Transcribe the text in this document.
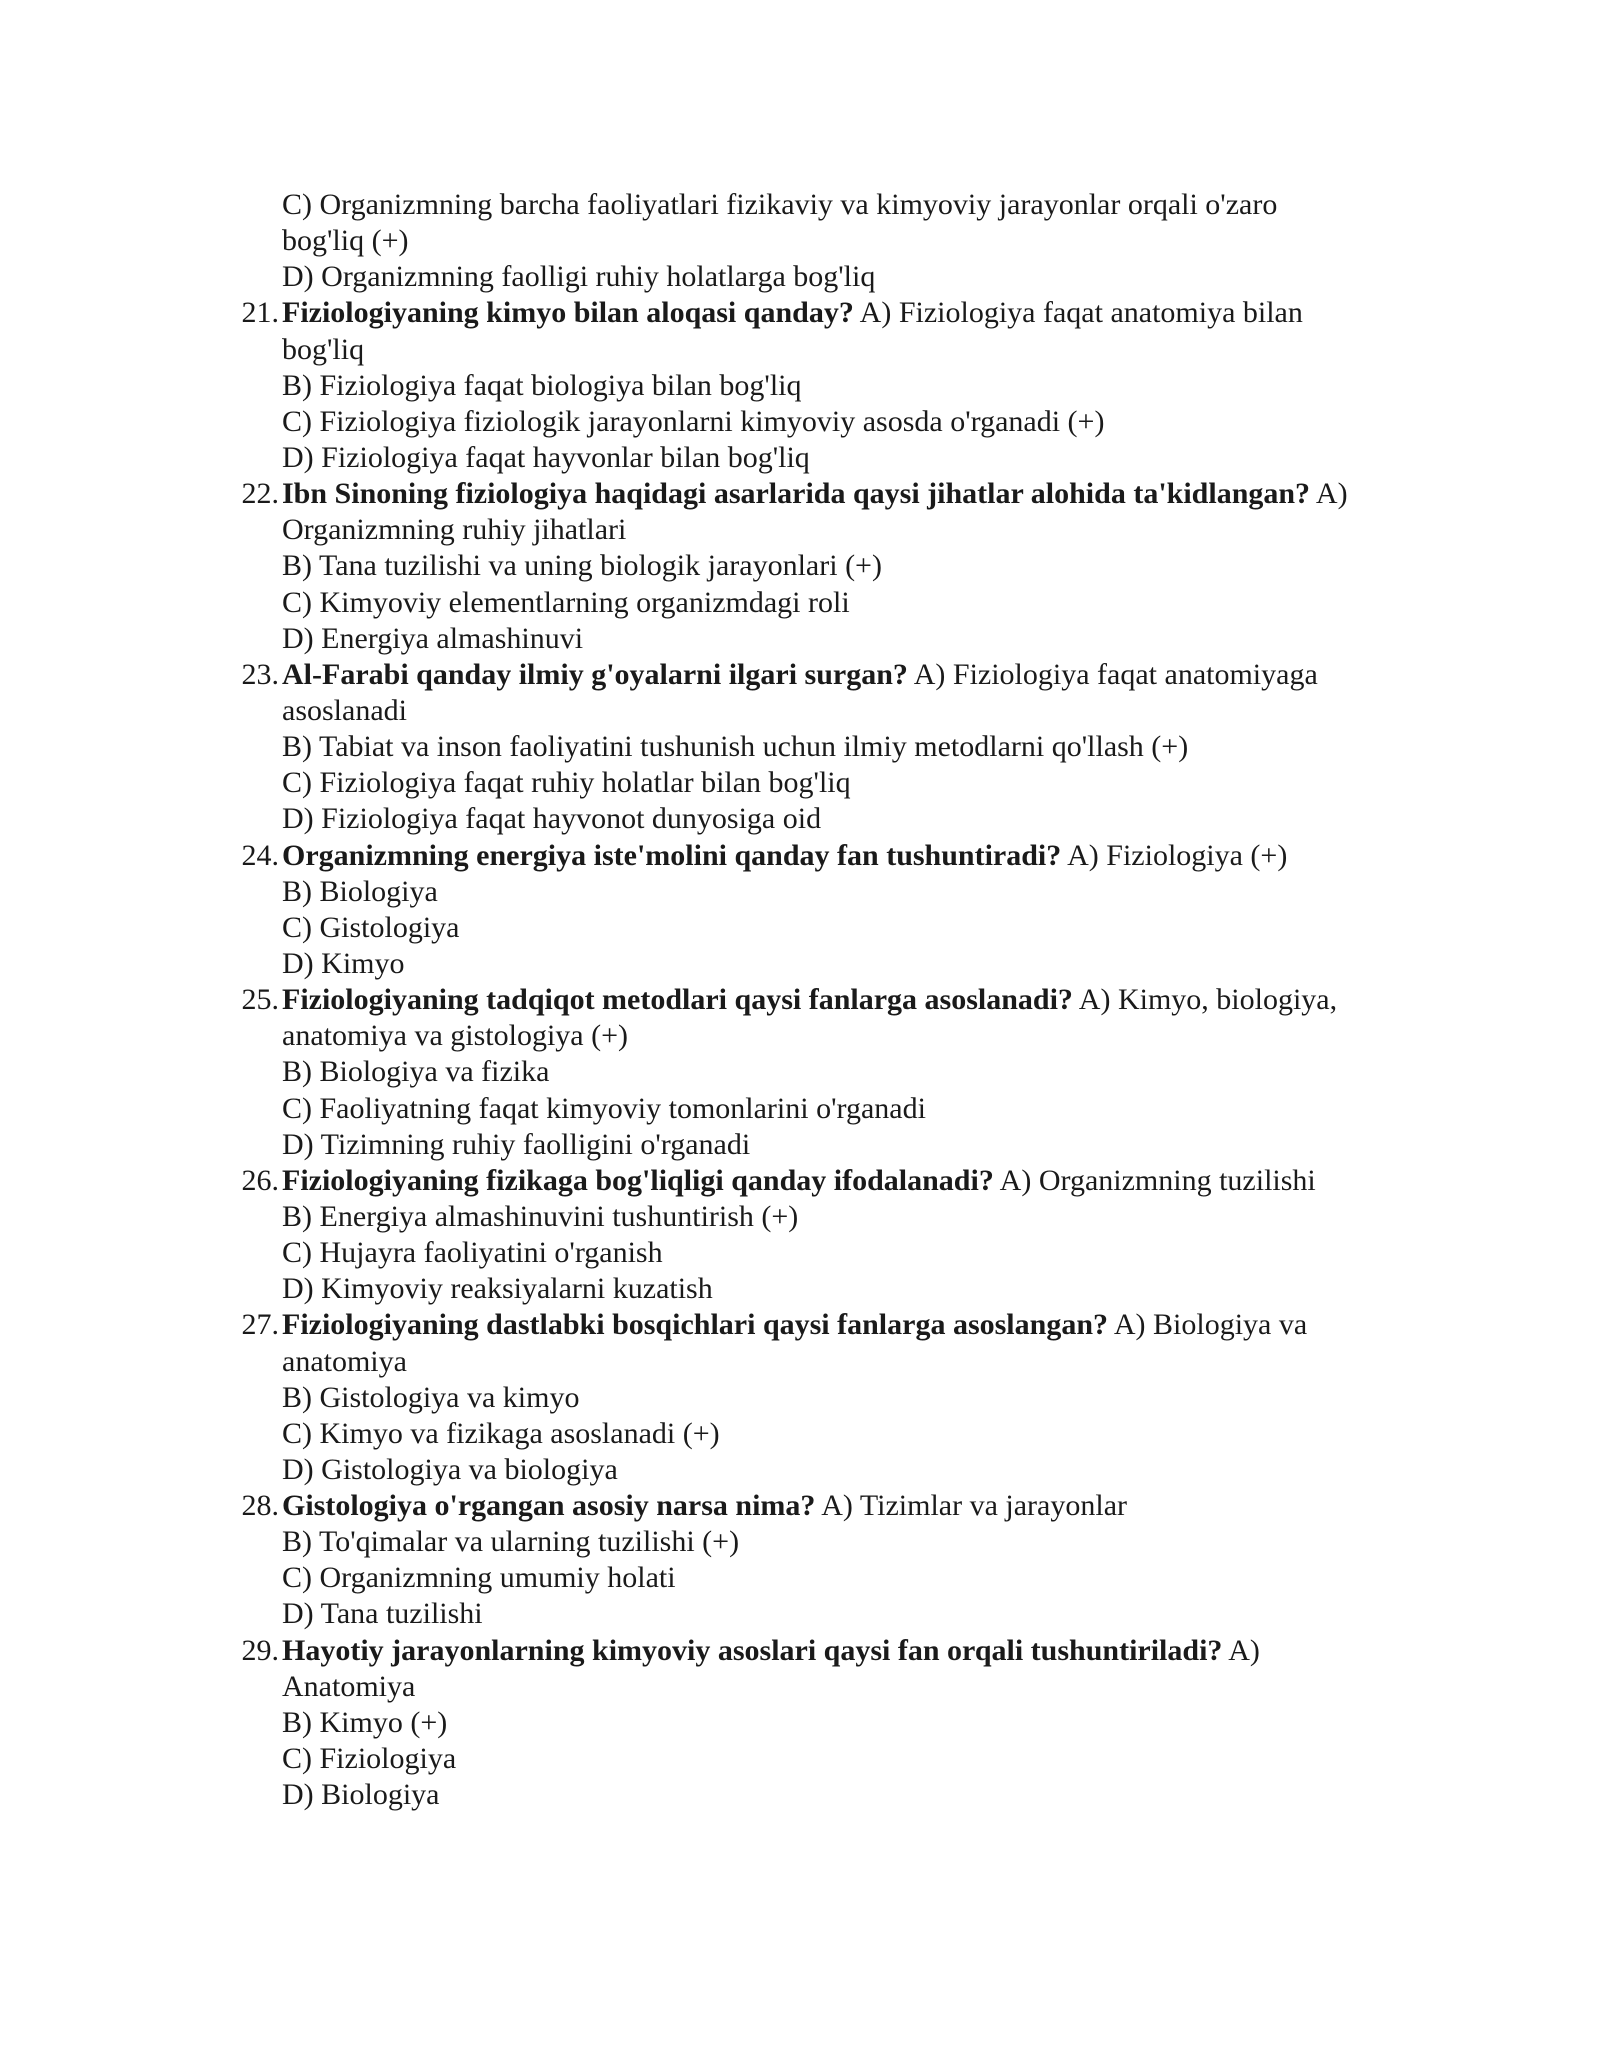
C) Organizmning barcha faoliyatlari fizikaviy va kimyoviy jarayonlar orqali o'zaro
bog'liq (+)
D) Organizmning faolligi ruhiy holatlarga bog'liq
21. Fiziologiyaning kimyo bilan aloqasi qanday? A) Fiziologiya faqat anatomiya bilan
bog'liq
B) Fiziologiya faqat biologiya bilan bog'liq
C) Fiziologiya fiziologik jarayonlarni kimyoviy asosda o'rganadi (+)
D) Fiziologiya faqat hayvonlar bilan bog'liq
22. Ibn Sinoning fiziologiya haqidagi asarlarida qaysi jihatlar alohida ta'kidlangan? A)
Organizmning ruhiy jihatlari
B) Tana tuzilishi va uning biologik jarayonlari (+)
C) Kimyoviy elementlarning organizmdagi roli
D) Energiya almashinuvi
23. Al-Farabi qanday ilmiy g'oyalarni ilgari surgan? A) Fiziologiya faqat anatomiyaga
asoslanadi
B) Tabiat va inson faoliyatini tushunish uchun ilmiy metodlarni qo'llash (+)
C) Fiziologiya faqat ruhiy holatlar bilan bog'liq
D) Fiziologiya faqat hayvonot dunyosiga oid
24. Organizmning energiya iste'molini qanday fan tushuntiradi? A) Fiziologiya (+)
B) Biologiya
C) Gistologiya
D) Kimyo
25. Fiziologiyaning tadqiqot metodlari qaysi fanlarga asoslanadi? A) Kimyo, biologiya,
anatomiya va gistologiya (+)
B) Biologiya va fizika
C) Faoliyatning faqat kimyoviy tomonlarini o'rganadi
D) Tizimning ruhiy faolligini o'rganadi
26. Fiziologiyaning fizikaga bog'liqligi qanday ifodalanadi? A) Organizmning tuzilishi
B) Energiya almashinuvini tushuntirish (+)
C) Hujayra faoliyatini o'rganish
D) Kimyoviy reaksiyalarni kuzatish
27. Fiziologiyaning dastlabki bosqichlari qaysi fanlarga asoslangan? A) Biologiya va
anatomiya
B) Gistologiya va kimyo
C) Kimyo va fizikaga asoslanadi (+)
D) Gistologiya va biologiya
28. Gistologiya o'rgangan asosiy narsa nima? A) Tizimlar va jarayonlar
B) To'qimalar va ularning tuzilishi (+)
C) Organizmning umumiy holati
D) Tana tuzilishi
29. Hayotiy jarayonlarning kimyoviy asoslari qaysi fan orqali tushuntiriladi? A)
Anatomiya
B) Kimyo (+)
C) Fiziologiya
D) Biologiya
